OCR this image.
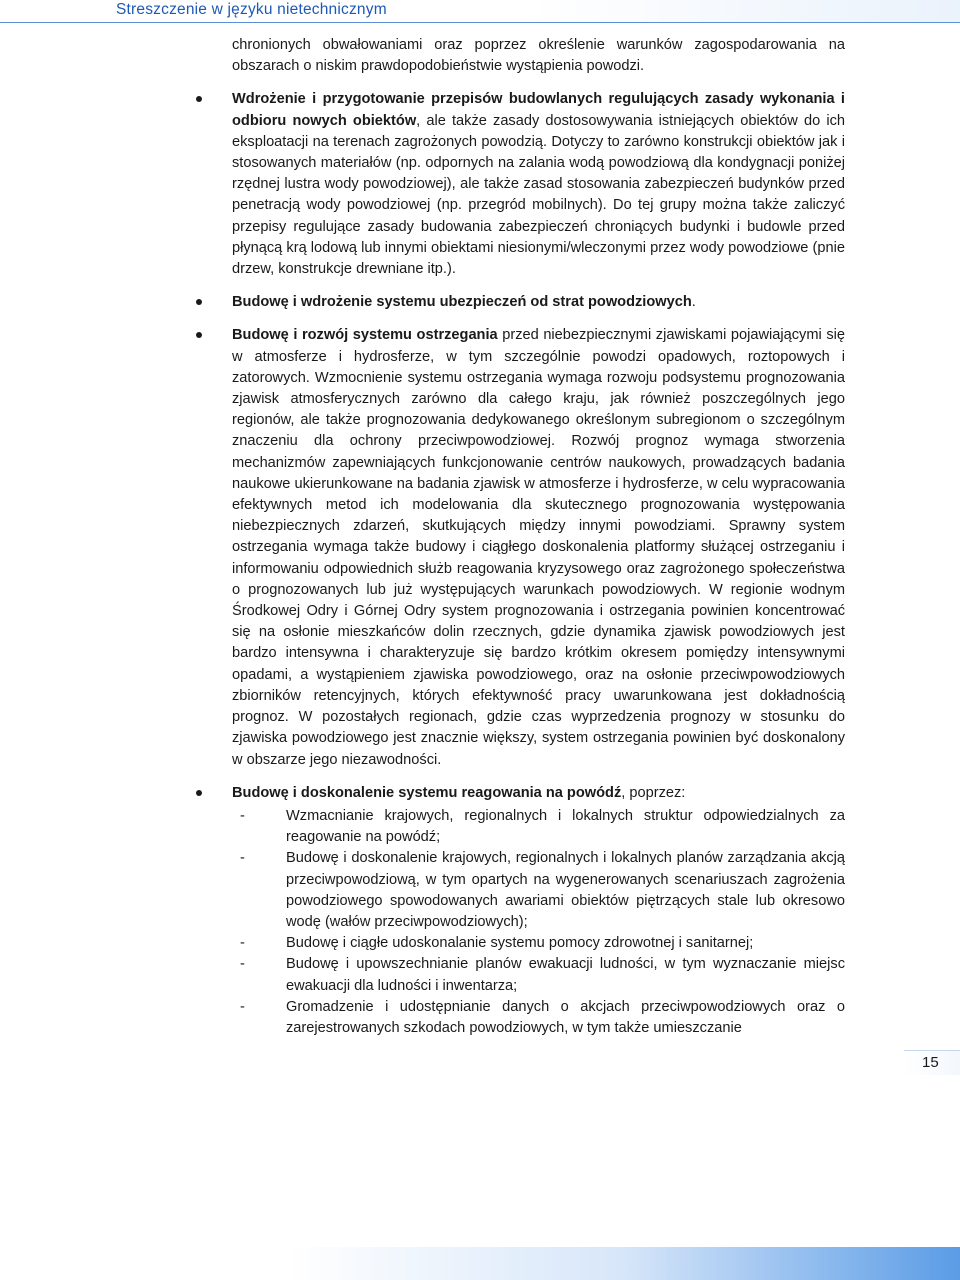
Streszczenie w języku nietechnicznym

chronionych obwałowaniami oraz poprzez określenie warunków zagospodarowania na obszarach o niskim prawdopodobieństwie wystąpienia powodzi.

Wdrożenie i przygotowanie przepisów budowlanych regulujących zasady wykonania i odbioru nowych obiektów, ale także zasady dostosowywania istniejących obiektów do ich eksploatacji na terenach zagrożonych powodzią. Dotyczy to zarówno konstrukcji obiektów jak i stosowanych materiałów (np. odpornych na zalania wodą powodziową dla kondygnacji poniżej rzędnej lustra wody powodziowej), ale także zasad stosowania zabezpieczeń budynków przed penetracją wody powodziowej (np. przegród mobilnych). Do tej grupy można także zaliczyć przepisy regulujące zasady budowania zabezpieczeń chroniących budynki i budowle przed płynącą krą lodową lub innymi obiektami niesionymi/wleczonymi przez wody powodziowe (pnie drzew, konstrukcje drewniane itp.).

Budowę i wdrożenie systemu ubezpieczeń od strat powodziowych.

Budowę i rozwój systemu ostrzegania przed niebezpiecznymi zjawiskami pojawiającymi się w atmosferze i hydrosferze, w tym szczególnie powodzi opadowych, roztopowych i zatorowych. Wzmocnienie systemu ostrzegania wymaga rozwoju podsystemu prognozowania zjawisk atmosferycznych zarówno dla całego kraju, jak również poszczególnych jego regionów, ale także prognozowania dedykowanego określonym subregionom o szczególnym znaczeniu dla ochrony przeciwpowodziowej. Rozwój prognoz wymaga stworzenia mechanizmów zapewniających funkcjonowanie centrów naukowych, prowadzących badania naukowe ukierunkowane na badania zjawisk w atmosferze i hydrosferze, w celu wypracowania efektywnych metod ich modelowania dla skutecznego prognozowania występowania niebezpiecznych zdarzeń, skutkujących między innymi powodziami. Sprawny system ostrzegania wymaga także budowy i ciągłego doskonalenia platformy służącej ostrzeganiu i informowaniu odpowiednich służb reagowania kryzysowego oraz zagrożonego społeczeństwa o prognozowanych lub już występujących warunkach powodziowych. W regionie wodnym Środkowej Odry i Górnej Odry system prognozowania i ostrzegania powinien koncentrować się na osłonie mieszkańców dolin rzecznych, gdzie dynamika zjawisk powodziowych jest bardzo intensywna i charakteryzuje się bardzo krótkim okresem pomiędzy intensywnymi opadami, a wystąpieniem zjawiska powodziowego, oraz na osłonie przeciwpowodziowych zbiorników retencyjnych, których efektywność pracy uwarunkowana jest dokładnością prognoz. W pozostałych regionach, gdzie czas wyprzedzenia prognozy w stosunku do zjawiska powodziowego jest znacznie większy, system ostrzegania powinien być doskonalony w obszarze jego niezawodności.

Budowę i doskonalenie systemu reagowania na powódź, poprzez:

-	Wzmacnianie krajowych, regionalnych i lokalnych struktur odpowiedzialnych za reagowanie na powódź;
-	Budowę i doskonalenie krajowych, regionalnych i lokalnych planów zarządzania akcją przeciwpowodziową, w tym opartych na wygenerowanych scenariuszach zagrożenia powodziowego spowodowanych awariami obiektów piętrzących stale lub okresowo wodę (wałów przeciwpowodziowych);
-	Budowę i ciągłe udoskonalanie systemu pomocy zdrowotnej i sanitarnej;
-	Budowę i upowszechnianie planów ewakuacji ludności, w tym wyznaczanie miejsc ewakuacji dla ludności i inwentarza;
-	Gromadzenie i udostępnianie danych o akcjach przeciwpowodziowych oraz o zarejestrowanych szkodach powodziowych, w tym także umieszczanie
15
